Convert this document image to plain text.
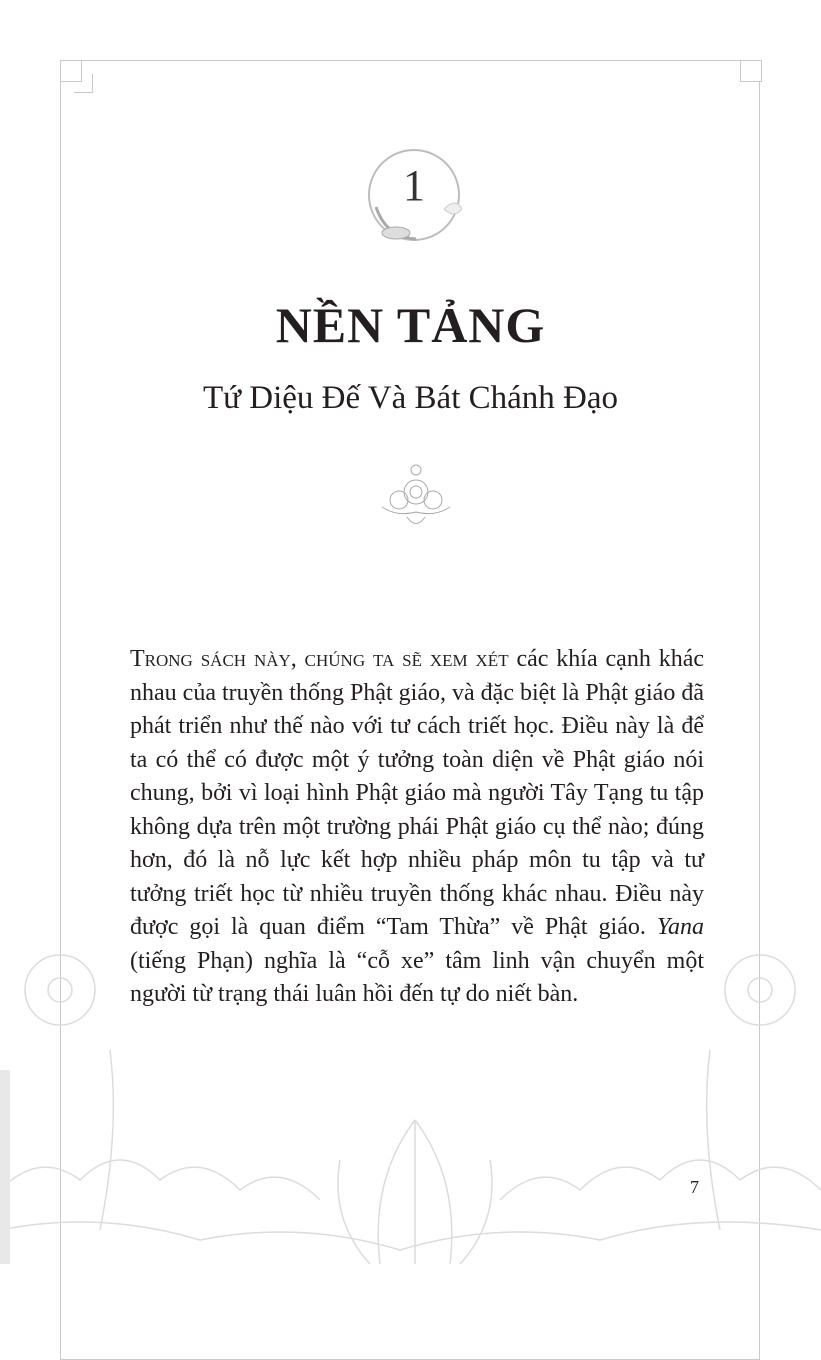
1
NỀN TẢNG
Tứ Diệu Đế Và Bát Chánh Đạo
Trong sách này, chúng ta sẽ xem xét các khía cạnh khác nhau của truyền thống Phật giáo, và đặc biệt là Phật giáo đã phát triển như thế nào với tư cách triết học. Điều này là để ta có thể có được một ý tưởng toàn diện về Phật giáo nói chung, bởi vì loại hình Phật giáo mà người Tây Tạng tu tập không dựa trên một trường phái Phật giáo cụ thể nào; đúng hơn, đó là nỗ lực kết hợp nhiều pháp môn tu tập và tư tưởng triết học từ nhiều truyền thống khác nhau. Điều này được gọi là quan điểm “Tam Thừa” về Phật giáo. Yana (tiếng Phạn) nghĩa là “cỗ xe” tâm linh vận chuyển một người từ trạng thái luân hồi đến tự do niết bàn.
7
